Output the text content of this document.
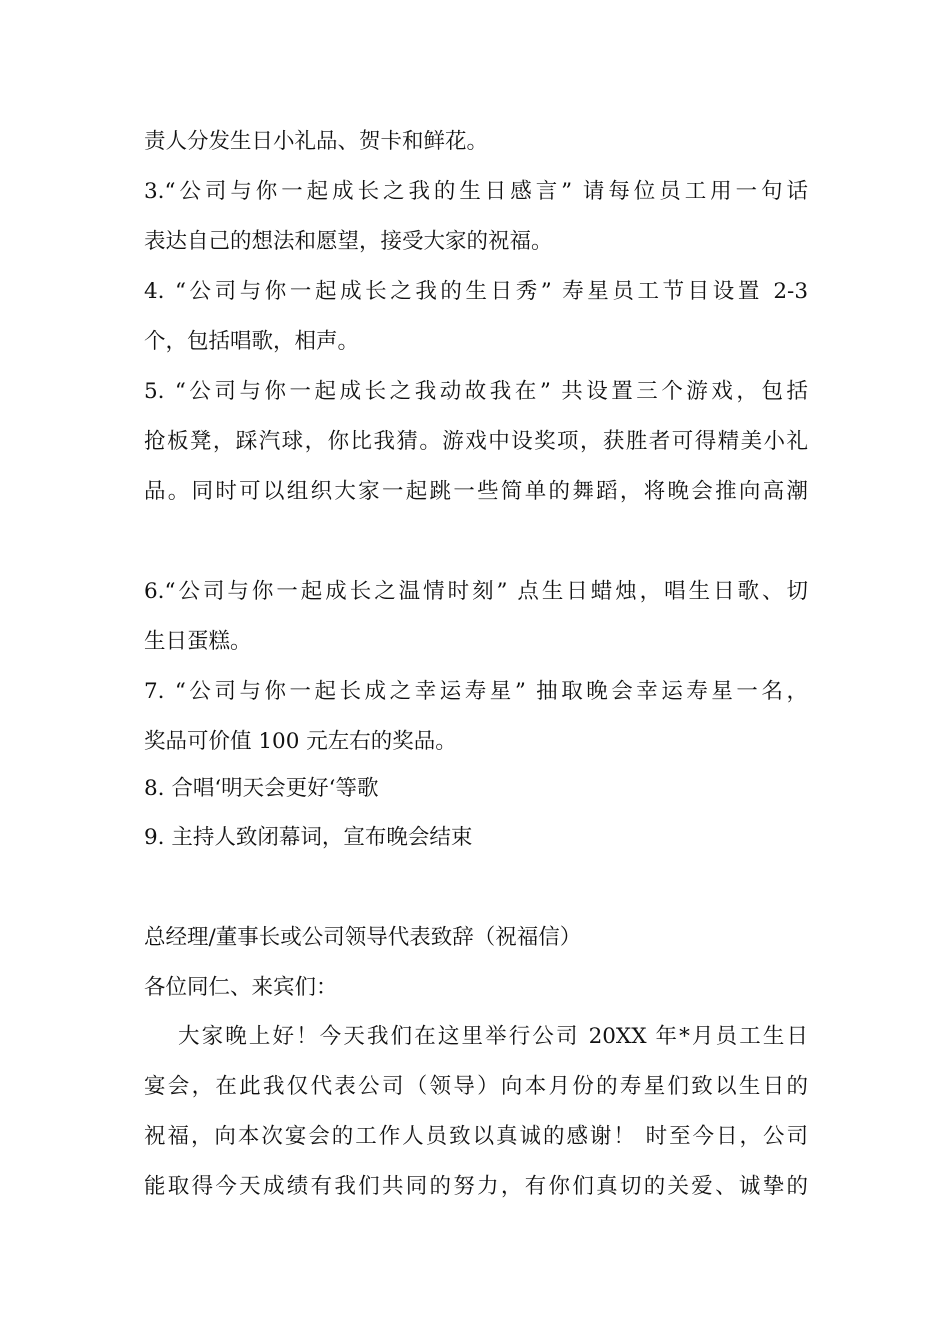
责人分发生日小礼品、贺卡和鲜花。
3.“公司与你一起成长之我的生日感言” 请每位员工用一句话
表达自己的想法和愿望，接受大家的祝福。
4. “公司与你一起成长之我的生日秀” 寿星员工节目设置 2-3
个，包括唱歌，相声。
5. “公司与你一起成长之我动故我在” 共设置三个游戏，包括
抢板凳，踩汽球，你比我猜。游戏中设奖项，获胜者可得精美小礼
品。同时可以组织大家一起跳一些简单的舞蹈，将晚会推向高潮
6.“公司与你一起成长之温情时刻” 点生日蜡烛，唱生日歌、切
生日蛋糕。
7. “公司与你一起长成之幸运寿星” 抽取晚会幸运寿星一名，
奖品可价值 100 元左右的奖品。
8. 合唱‘明天会更好‘等歌
9. 主持人致闭幕词，宣布晚会结束
总经理/董事长或公司领导代表致辞（祝福信）
各位同仁、来宾们：
大家晚上好！今天我们在这里举行公司 20XX 年*月员工生日
宴会，在此我仅代表公司（领导）向本月份的寿星们致以生日的
祝福，向本次宴会的工作人员致以真诚的感谢！ 时至今日，公司
能取得今天成绩有我们共同的努力，有你们真切的关爱、诚挚的
